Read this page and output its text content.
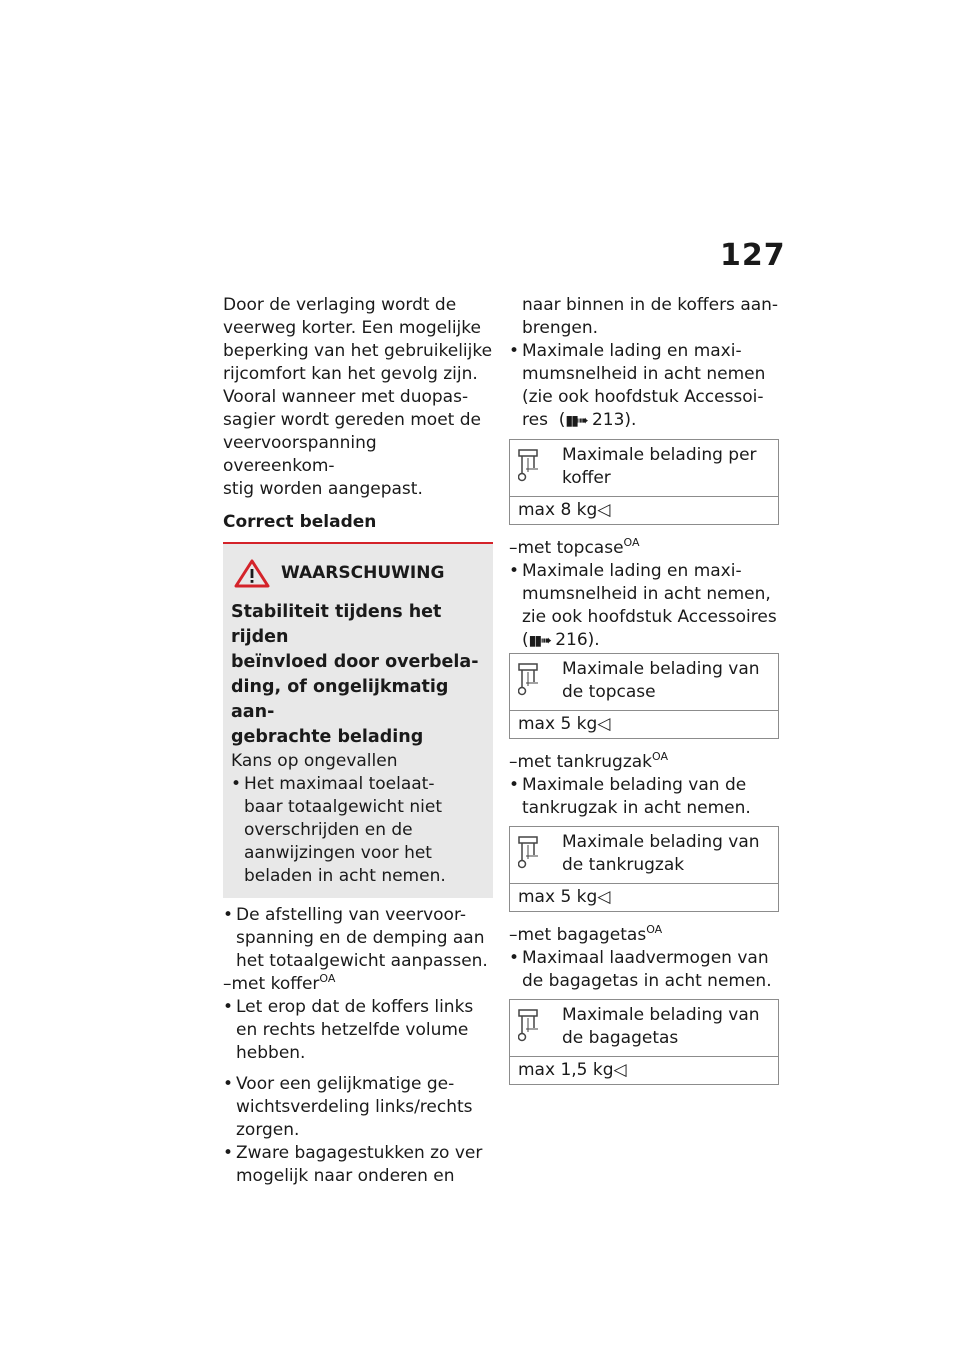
127

Door de verlaging wordt de

veerweg korter. Een mogelijke

beperking van het gebruikelijke

rijcomfort kan het gevolg zijn.

Vooral wanneer met duopas-

sagier wordt gereden moet de

veervoorspanning overeenkom-

stig worden aangepast.

Correct beladen

WAARSCHUWING

Stabiliteit tijdens het rijden

beïnvloed door overbela-

ding, of ongelijkmatig aan-

gebrachte belading

Kans op ongevallen

•

Het maximaal toelaat-

baar totaalgewicht niet

overschrijden en de

aanwijzingen voor het

beladen in acht nemen.

•

De afstelling van veervoor-

spanning en de demping aan

het totaalgewicht aanpassen.

–met koffer$^{OA}$

•

Let erop dat de koffers links

en rechts hetzelfde volume

hebben.

•

Voor een gelijkmatige ge-

wichtsverdeling links/rechts

zorgen.

•

Zware bagagestukken zo ver

mogelijk naar onderen en

naar binnen in de koffers aan-

brengen.

•

Maximale lading en maxi-

mumsnelheid in acht nemen

(zie ook hoofdstuk Accessoi-

res  (▮▮➠ 213).

Maximale belading per

koffer

max 8 kg◁

–met topcase$^{OA}$

•

Maximale lading en maxi-

mumsnelheid in acht nemen,

zie ook hoofdstuk Accessoires

(▮▮➠ 216).

Maximale belading van

de topcase

max 5 kg◁

–met tankrugzak$^{OA}$

•

Maximale belading van de

tankrugzak in acht nemen.

Maximale belading van

de tankrugzak

max 5 kg◁

–met bagagetas$^{OA}$

•

Maximaal laadvermogen van

de bagagetas in acht nemen.

Maximale belading van

de bagagetas

max 1,5 kg◁
